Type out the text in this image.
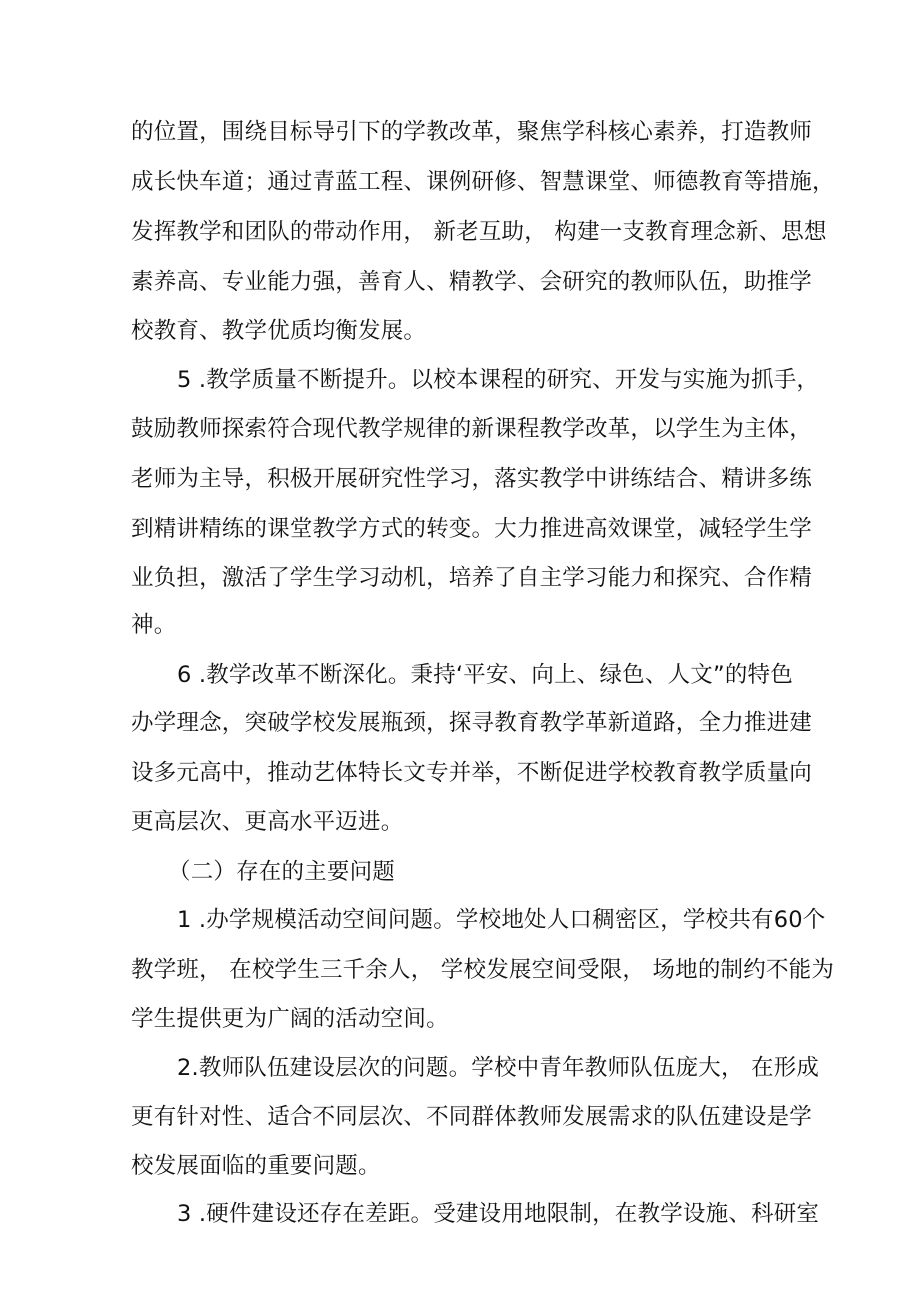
的位置，围绕目标导引下的学教改革，聚焦学科核心素养，打造教师
成长快车道；通过青蓝工程、课例研修、智慧课堂、师德教育等措施，
发挥教学和团队的带动作用， 新老互助， 构建一支教育理念新、思想
素养高、专业能力强，善育人、精教学、会研究的教师队伍，助推学
校教育、教学优质均衡发展。
5 .教学质量不断提升。以校本课程的研究、开发与实施为抓手，
鼓励教师探索符合现代教学规律的新课程教学改革，以学生为主体，
老师为主导，积极开展研究性学习，落实教学中讲练结合、精讲多练
到精讲精练的课堂教学方式的转变。大力推进高效课堂，减轻学生学
业负担，激活了学生学习动机，培养了自主学习能力和探究、合作精
神。
6 .教学改革不断深化。秉持‘平安、向上、绿色、人文”的特色
办学理念，突破学校发展瓶颈，探寻教育教学革新道路，全力推进建
设多元高中，推动艺体特长文专并举，不断促进学校教育教学质量向
更高层次、更高水平迈进。
（二）存在的主要问题
1 .办学规模活动空间问题。学校地处人口稠密区，学校共有60个
教学班， 在校学生三千余人， 学校发展空间受限， 场地的制约不能为
学生提供更为广阔的活动空间。
2.教师队伍建设层次的问题。学校中青年教师队伍庞大， 在形成
更有针对性、适合不同层次、不同群体教师发展需求的队伍建设是学
校发展面临的重要问题。
3 .硬件建设还存在差距。受建设用地限制，在教学设施、科研室
